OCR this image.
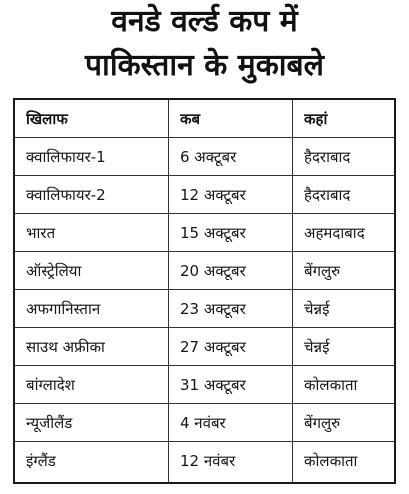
वनडे वर्ल्ड कप में
पाकिस्तान के मुकाबले
खिलाफ	कब	कहां
क्वालिफायर-1	6 अक्टूबर	हैदराबाद
क्वालिफायर-2	12 अक्टूबर	हैदराबाद
भारत	15 अक्टूबर	अहमदाबाद
ऑस्ट्रेलिया	20 अक्टूबर	बेंगलुरु
अफगानिस्तान	23 अक्टूबर	चेन्नई
साउथ अफ्रीका	27 अक्टूबर	चेन्नई
बांग्लादेश	31 अक्टूबर	कोलकाता
न्यूजीलैंड	4 नवंबर	बेंगलुरु
इंग्लैंड	12 नवंबर	कोलकाता
